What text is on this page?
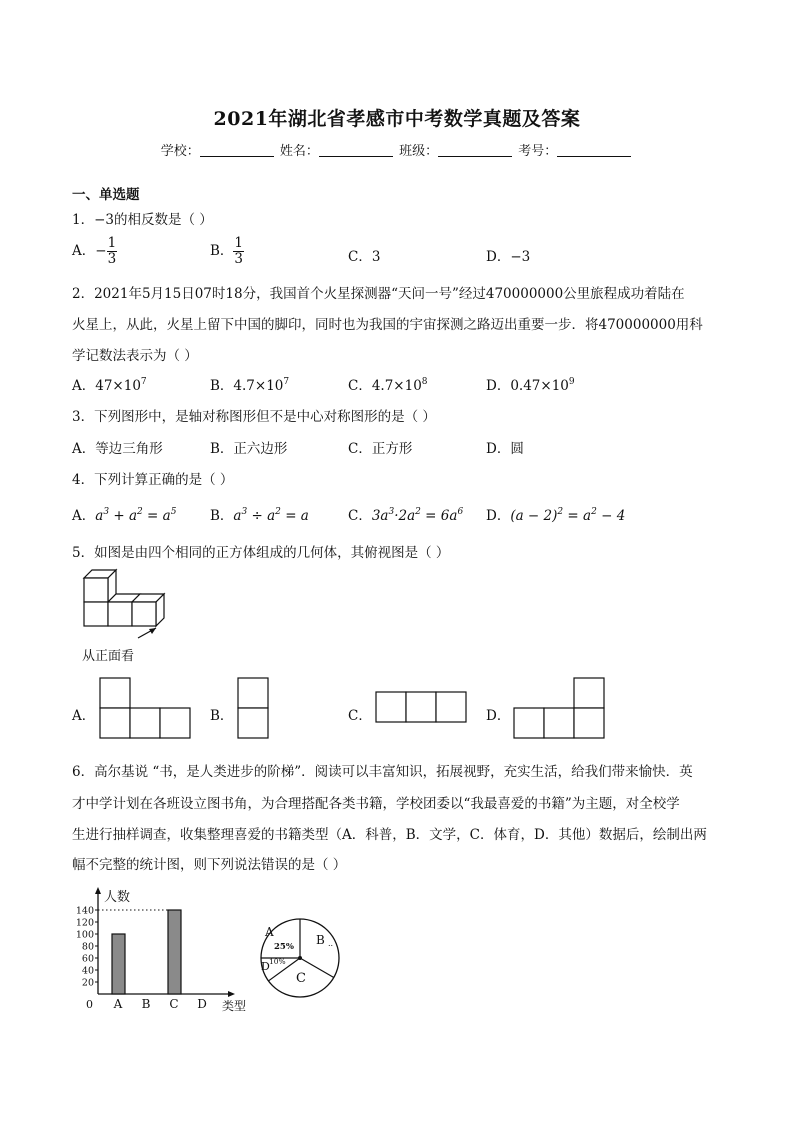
2021年湖北省孝感市中考数学真题及答案
学校：	姓名：	班级：	考号：
一、单选题
1．−3的相反数是（ ）
A．− $\frac{1}{3}$	B． $\frac{1}{3}$	C．3	D．−3
2．2021年5月15日07时18分，我国首个火星探测器“天问一号”经过470000000公里旅程成功着陆在
火星上，从此，火星上留下中国的脚印，同时也为我国的宇宙探测之路迈出重要一步．将470000000用科
学记数法表示为（ ）
A．$47\times 10^7$	B．$4.7\times 10^7$	C．$4.7\times 10^8$	D．$0.47\times 10^9$
3．下列图形中，是轴对称图形但不是中心对称图形的是（ ）
A．等边三角形	B．正六边形	C．正方形	D．圆
4．下列计算正确的是（ ）
A．$a^3 + a^2 = a^5$ B．$a^3 \div a^2 = a$	C．$3a^3\cdot 2a^2 = 6a^6$ D．$(a - 2)^2 = a^2 - 4$
5．如图是由四个相同的正方体组成的几何体，其俯视图是（ ）
从正面看
A．	B．	C．	D．
6．高尔基说 “书，是人类进步的阶梯”．阅读可以丰富知识，拓展视野，充实生活，给我们带来愉快．英
才中学计划在各班设立图书角，为合理搭配各类书籍，学校团委以“我最喜爱的书籍”为主题，对全校学
生进行抽样调查，收集整理喜爱的书籍类型（A．科普，B．文学，C．体育，D．其他）数据后，绘制出两
幅不完整的统计图，则下列说法错误的是（ ）
人数
类型
0
20
40
60
80
100
120
140
A B C D
B ..
C
A
25%
D 10%
